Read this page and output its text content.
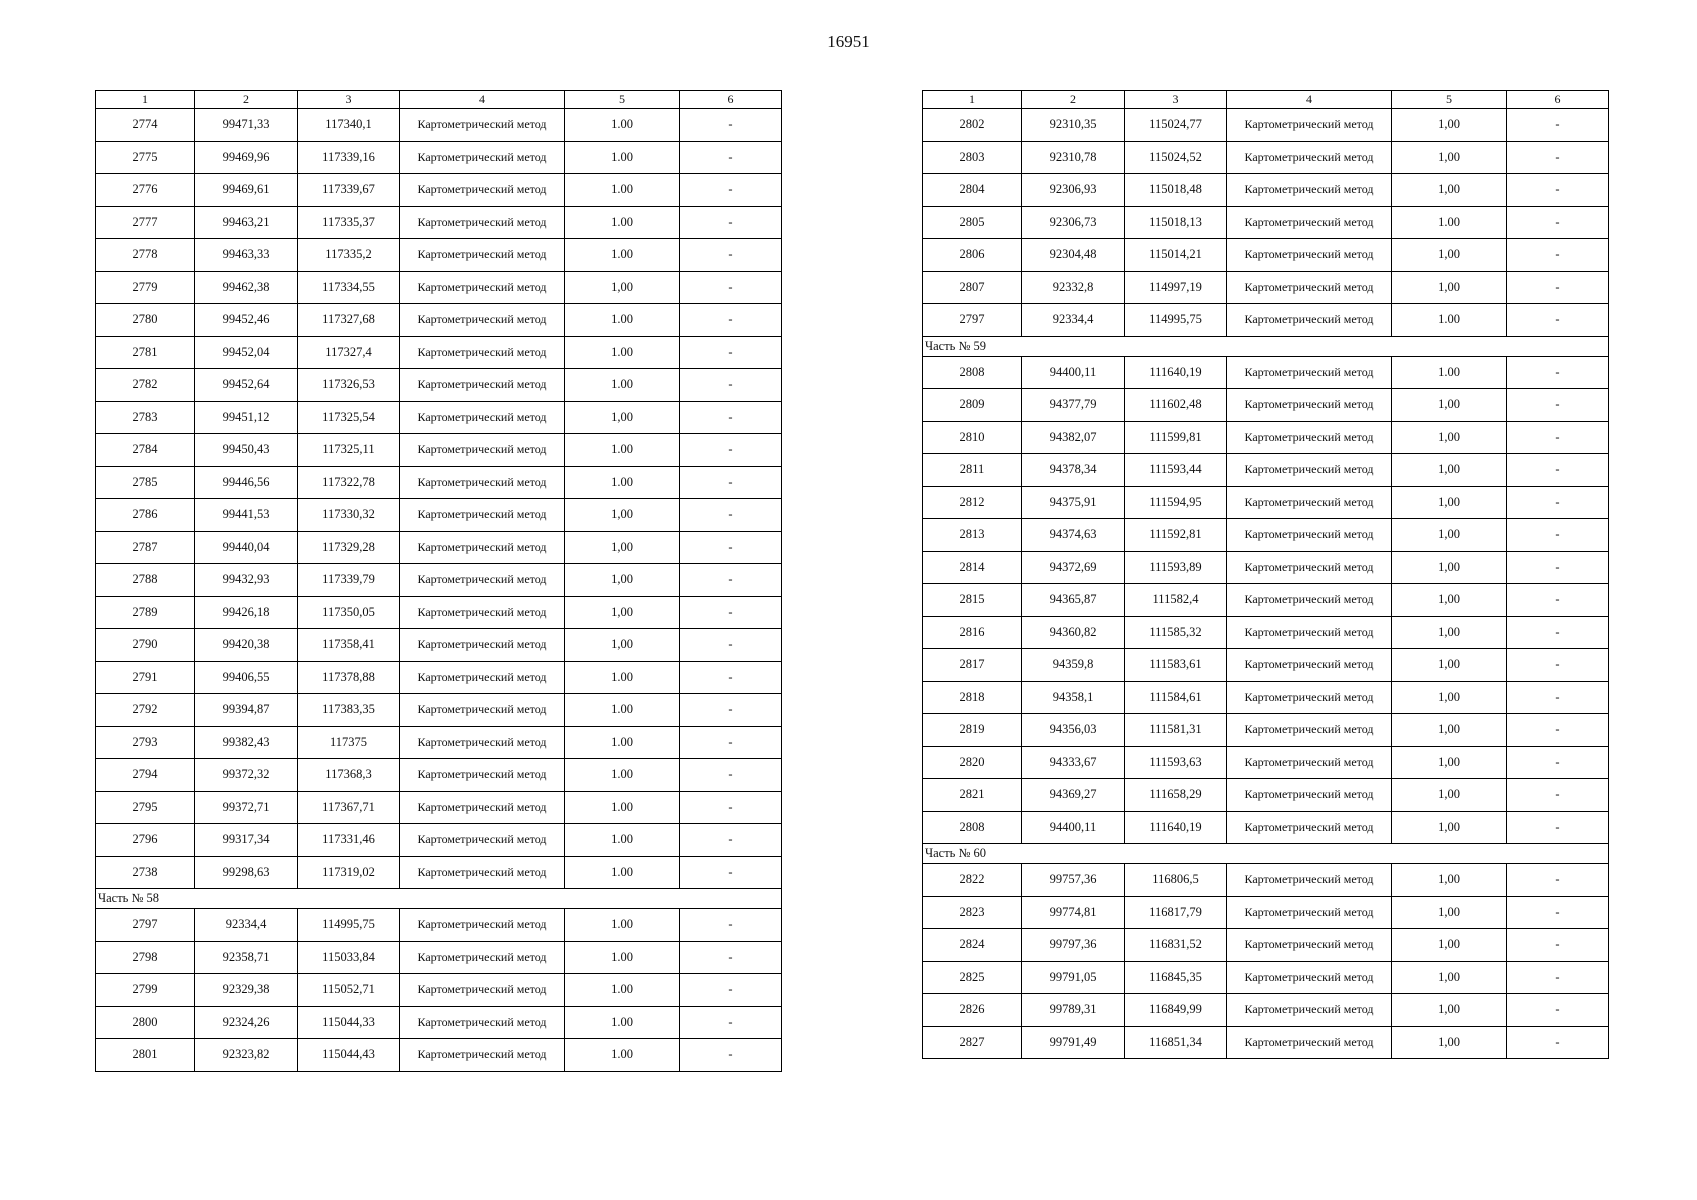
16951
1	2	3	4	5	6
2774	99471,33	117340,1	Картометрический метод	1.00	-
2775	99469,96	117339,16	Картометрический метод	1.00	-
2776	99469,61	117339,67	Картометрический метод	1.00	-
2777	99463,21	117335,37	Картометрический метод	1.00	-
2778	99463,33	117335,2	Картометрический метод	1.00	-
2779	99462,38	117334,55	Картометрический метод	1,00	-
2780	99452,46	117327,68	Картометрический метод	1.00	-
2781	99452,04	117327,4	Картометрический метод	1.00	-
2782	99452,64	117326,53	Картометрический метод	1.00	-
2783	99451,12	117325,54	Картометрический метод	1,00	-
2784	99450,43	117325,11	Картометрический метод	1.00	-
2785	99446,56	117322,78	Картометрический метод	1.00	-
2786	99441,53	117330,32	Картометрический метод	1,00	-
2787	99440,04	117329,28	Картометрический метод	1,00	-
2788	99432,93	117339,79	Картометрический метод	1,00	-
2789	99426,18	117350,05	Картометрический метод	1,00	-
2790	99420,38	117358,41	Картометрический метод	1,00	-
2791	99406,55	117378,88	Картометрический метод	1.00	-
2792	99394,87	117383,35	Картометрический метод	1.00	-
2793	99382,43	117375	Картометрический метод	1.00	-
2794	99372,32	117368,3	Картометрический метод	1.00	-
2795	99372,71	117367,71	Картометрический метод	1.00	-
2796	99317,34	117331,46	Картометрический метод	1.00	-
2738	99298,63	117319,02	Картометрический метод	1.00	-
Часть № 58					
2797	92334,4	114995,75	Картометрический метод	1.00	-
2798	92358,71	115033,84	Картометрический метод	1.00	-
2799	92329,38	115052,71	Картометрический метод	1.00	-
2800	92324,26	115044,33	Картометрический метод	1.00	-
2801	92323,82	115044,43	Картометрический метод	1.00	-
1	2	3	4	5	6
2802	92310,35	115024,77	Картометрический метод	1,00	-
2803	92310,78	115024,52	Картометрический метод	1,00	-
2804	92306,93	115018,48	Картометрический метод	1,00	-
2805	92306,73	115018,13	Картометрический метод	1.00	-
2806	92304,48	115014,21	Картометрический метод	1,00	-
2807	92332,8	114997,19	Картометрический метод	1,00	-
2797	92334,4	114995,75	Картометрический метод	1.00	-
Часть № 59					
2808	94400,11	111640,19	Картометрический метод	1.00	-
2809	94377,79	111602,48	Картометрический метод	1,00	-
2810	94382,07	111599,81	Картометрический метод	1,00	-
2811	94378,34	111593,44	Картометрический метод	1,00	-
2812	94375,91	111594,95	Картометрический метод	1,00	-
2813	94374,63	111592,81	Картометрический метод	1,00	-
2814	94372,69	111593,89	Картометрический метод	1,00	-
2815	94365,87	111582,4	Картометрический метод	1,00	-
2816	94360,82	111585,32	Картометрический метод	1,00	-
2817	94359,8	111583,61	Картометрический метод	1,00	-
2818	94358,1	111584,61	Картометрический метод	1,00	-
2819	94356,03	111581,31	Картометрический метод	1,00	-
2820	94333,67	111593,63	Картометрический метод	1,00	-
2821	94369,27	111658,29	Картометрический метод	1,00	-
2808	94400,11	111640,19	Картометрический метод	1,00	-
Часть № 60					
2822	99757,36	116806,5	Картометрический метод	1,00	-
2823	99774,81	116817,79	Картометрический метод	1,00	-
2824	99797,36	116831,52	Картометрический метод	1,00	-
2825	99791,05	116845,35	Картометрический метод	1,00	-
2826	99789,31	116849,99	Картометрический метод	1,00	-
2827	99791,49	116851,34	Картометрический метод	1,00	-
